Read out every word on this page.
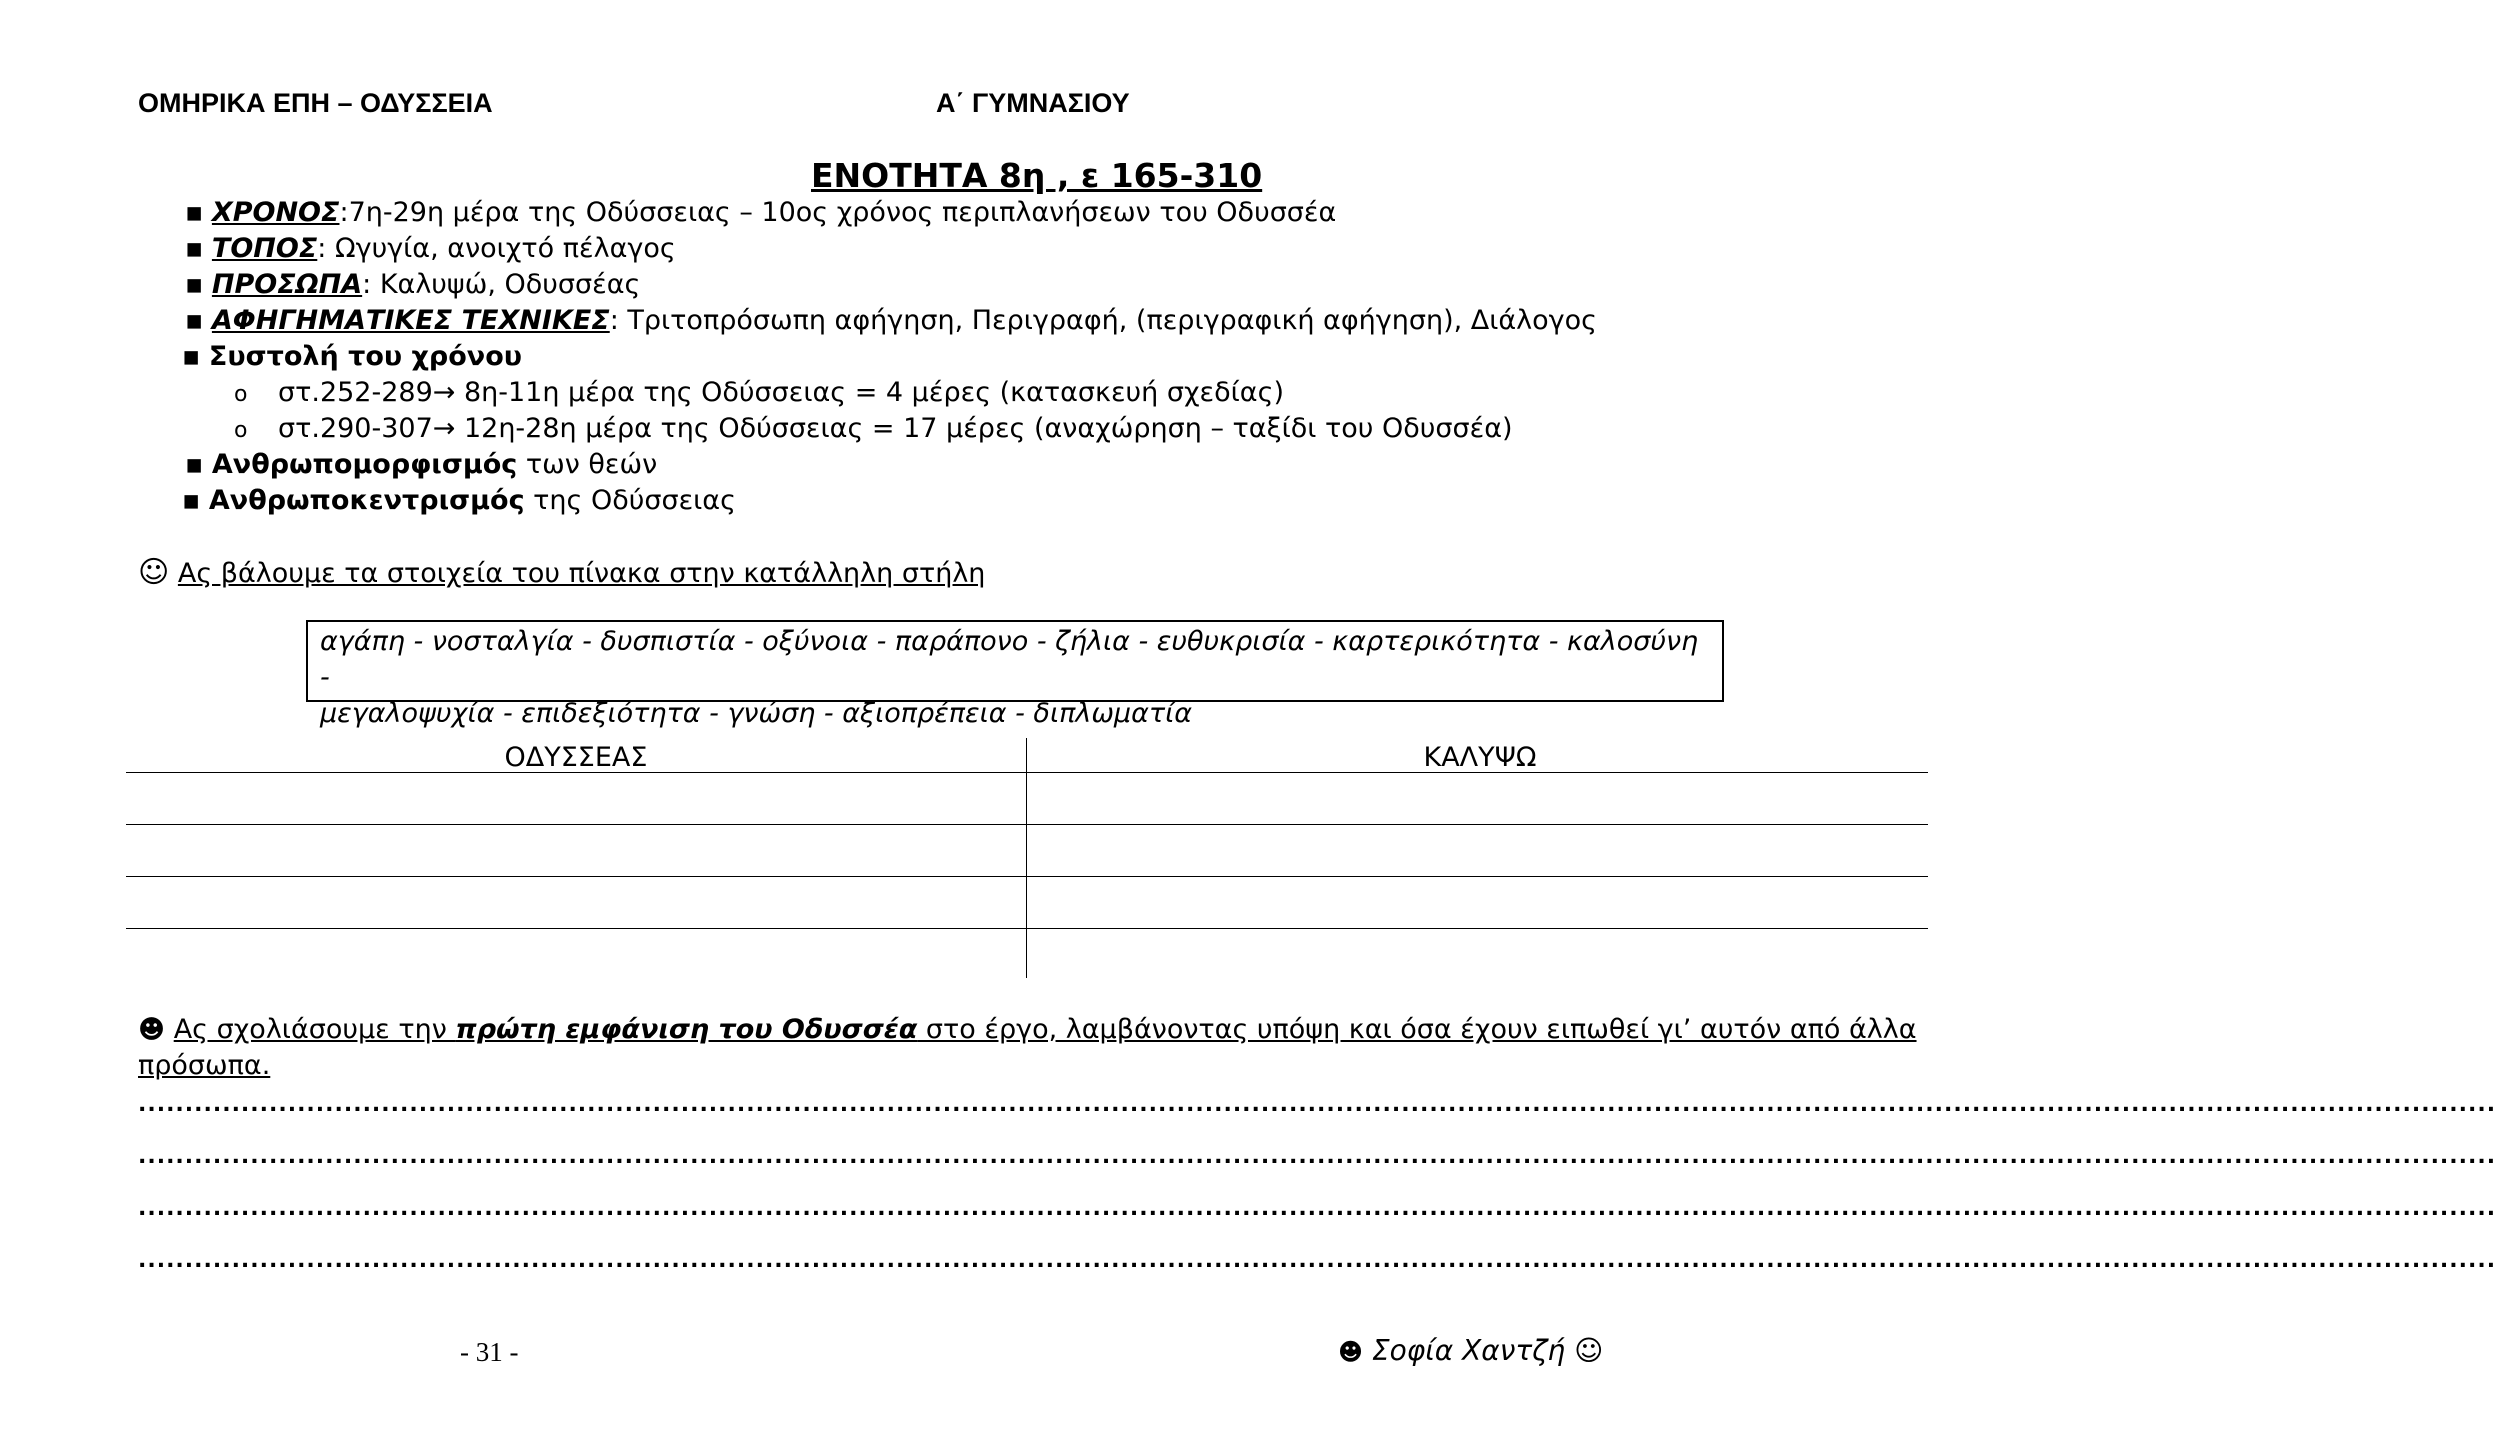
ΟΜΗΡΙΚΑ ΕΠΗ – ΟΔΥΣΣΕΙΑ	Α΄ ΓΥΜΝΑΣΙΟΥ
ΕΝΟΤΗΤΑ 8η , ε 165-310
▪ ΧΡΟΝΟΣ:7η-29η μέρα της Οδύσσειας – 10ος χρόνος περιπλανήσεων του Οδυσσέα
▪ ΤΟΠΟΣ: Ωγυγία, ανοιχτό πέλαγος
▪ ΠΡΟΣΩΠΑ: Καλυψώ, Οδυσσέας
▪ ΑΦΗΓΗΜΑΤΙΚΕΣ ΤΕΧΝΙΚΕΣ: Τριτοπρόσωπη αφήγηση, Περιγραφή, (περιγραφική αφήγηση), Διάλογος
▪ Συστολή του χρόνου
o στ.252-289→ 8η-11η μέρα της Οδύσσειας = 4 μέρες (κατασκευή σχεδίας)
o στ.290-307→ 12η-28η μέρα της Οδύσσειας = 17 μέρες (αναχώρηση – ταξίδι του Οδυσσέα)
▪ Ανθρωπομορφισμός των θεών
▪ Ανθρωποκεντρισμός της Οδύσσειας
☺ Ας βάλουμε τα στοιχεία του πίνακα στην κατάλληλη στήλη
αγάπη - νοσταλγία - δυσπιστία - οξύνοια - παράπονο - ζήλια - ευθυκρισία - καρτερικότητα - καλοσύνη -
μεγαλοψυχία - επιδεξιότητα - γνώση - αξιοπρέπεια - διπλωματία
ΟΔΥΣΣΕΑΣ	ΚΑΛΥΨΩ
☻ Ας σχολιάσουμε την πρώτη εμφάνιση του Οδυσσέα στο έργο, λαμβάνοντας υπόψη και όσα έχουν ειπωθεί γι’ αυτόν από άλλα
πρόσωπα.
............................................................................................................................................................................................................................................................
............................................................................................................................................................................................................................................................
............................................................................................................................................................................................................................................................
............................................................................................................................................................................................................................................................
- 31 -	☻ Σοφία Χαντζή ☺
